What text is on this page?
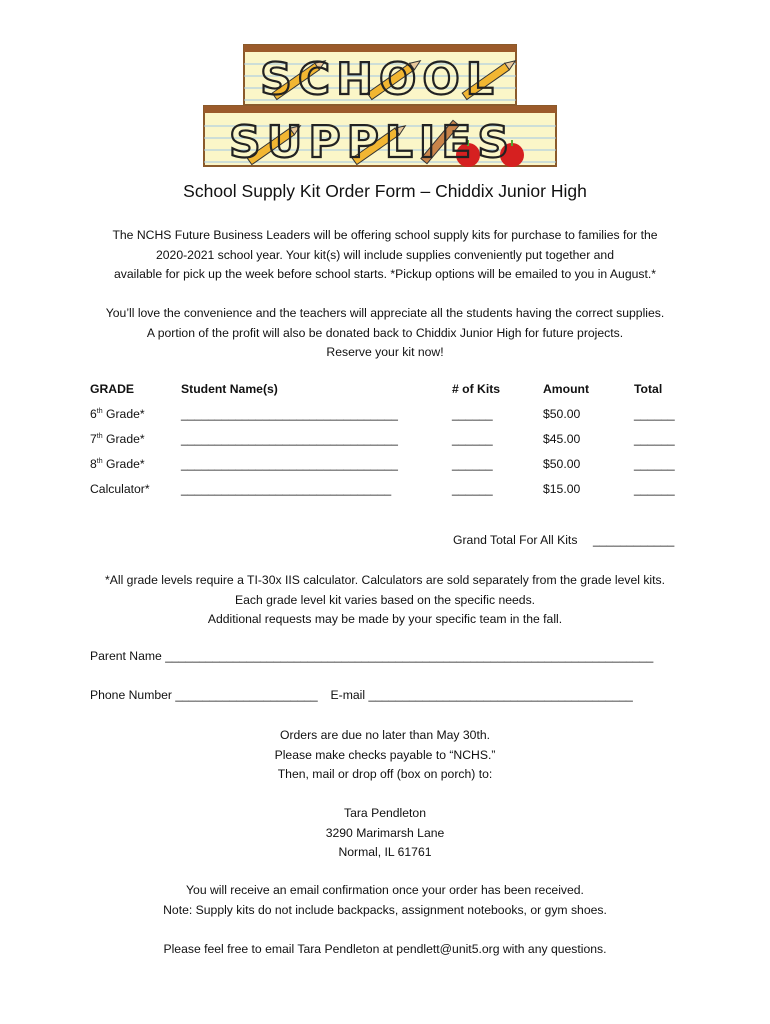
SCHOOL
SUPPLIES
School Supply Kit Order Form – Chiddix Junior High
The NCHS Future Business Leaders will be offering school supply kits for purchase to families for the
2020-2021 school year. Your kit(s) will include supplies conveniently put together and
available for pick up the week before school starts. *Pickup options will be emailed to you in August.*
You’ll love the convenience and the teachers will appreciate all the students having the correct supplies.
A portion of the profit will also be donated back to Chiddix Junior High for future projects.
Reserve your kit now!
GRADE	Student Name(s)	# of Kits	Amount	Total
6th Grade*	________________________________	______	$50.00	______
7th Grade*	________________________________	______	$45.00	______
8th Grade*	________________________________	______	$50.00	______
Calculator*	_______________________________	______	$15.00	______
Grand Total For All Kits ____________
*All grade levels require a TI-30x IIS calculator. Calculators are sold separately from the grade level kits.
Each grade level kit varies based on the specific needs.
Additional requests may be made by your specific team in the fall.
Parent Name ________________________________________________________________________
Phone Number _____________________ E-mail _______________________________________
Orders are due no later than May 30th.
Please make checks payable to “NCHS.”
Then, mail or drop off (box on porch) to:
Tara Pendleton
3290 Marimarsh Lane
Normal, IL 61761
You will receive an email confirmation once your order has been received.
Note: Supply kits do not include backpacks, assignment notebooks, or gym shoes.
Please feel free to email Tara Pendleton at pendlett@unit5.org with any questions.
